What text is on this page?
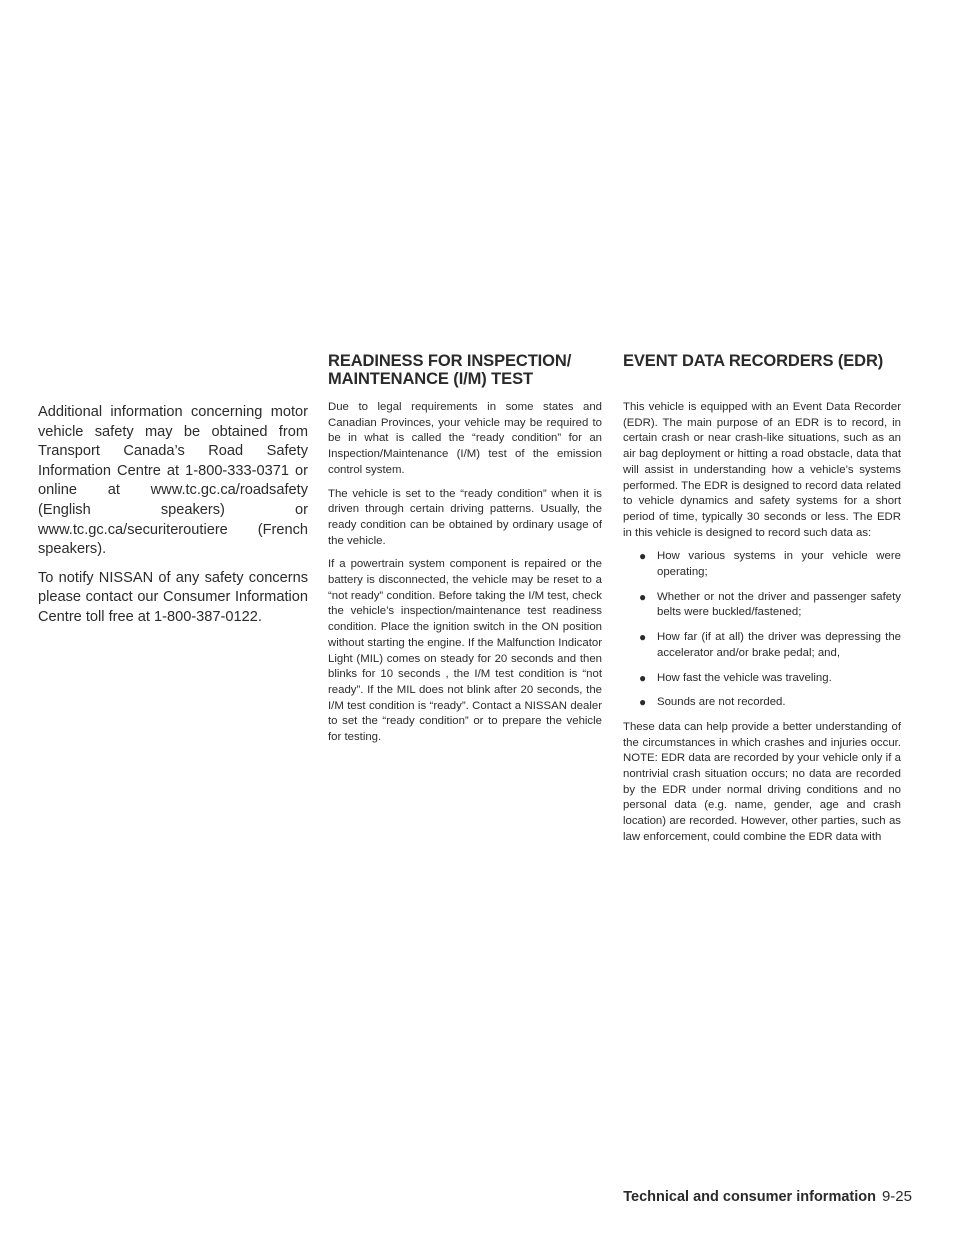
Additional information concerning motor vehicle safety may be obtained from Transport Canada’s Road Safety Information Centre at 1-800-333-0371 or online at www.tc.gc.ca/roadsafety (English speakers) or www.tc.gc.ca/securiteroutiere (French speakers).

To notify NISSAN of any safety concerns please contact our Consumer Information Centre toll free at 1-800-387-0122.

READINESS FOR INSPECTION/
MAINTENANCE (I/M) TEST

Due to legal requirements in some states and Canadian Provinces, your vehicle may be required to be in what is called the “ready condition” for an Inspection/Maintenance (I/M) test of the emission control system.

The vehicle is set to the “ready condition” when it is driven through certain driving patterns. Usually, the ready condition can be obtained by ordinary usage of the vehicle.

If a powertrain system component is repaired or the battery is disconnected, the vehicle may be reset to a “not ready” condition. Before taking the I/M test, check the vehicle’s inspection/maintenance test readiness condition. Place the ignition switch in the ON position without starting the engine. If the Malfunction Indicator Light (MIL) comes on steady for 20 seconds and then blinks for 10 seconds , the I/M test condition is “not ready”. If the MIL does not blink after 20 seconds, the I/M test condition is “ready”. Contact a NISSAN dealer to set the “ready condition” or to prepare the vehicle for testing.

EVENT DATA RECORDERS (EDR)

This vehicle is equipped with an Event Data Recorder (EDR). The main purpose of an EDR is to record, in certain crash or near crash-like situations, such as an air bag deployment or hitting a road obstacle, data that will assist in understanding how a vehicle’s systems performed. The EDR is designed to record data related to vehicle dynamics and safety systems for a short period of time, typically 30 seconds or less. The EDR in this vehicle is designed to record such data as:

● How various systems in your vehicle were operating;
● Whether or not the driver and passenger safety belts were buckled/fastened;
● How far (if at all) the driver was depressing the accelerator and/or brake pedal; and,
● How fast the vehicle was traveling.
● Sounds are not recorded.

These data can help provide a better understanding of the circumstances in which crashes and injuries occur. NOTE: EDR data are recorded by your vehicle only if a nontrivial crash situation occurs; no data are recorded by the EDR under normal driving conditions and no personal data (e.g. name, gender, age and crash location) are recorded. However, other parties, such as law enforcement, could combine the EDR data with

Technical and consumer information 9-25
